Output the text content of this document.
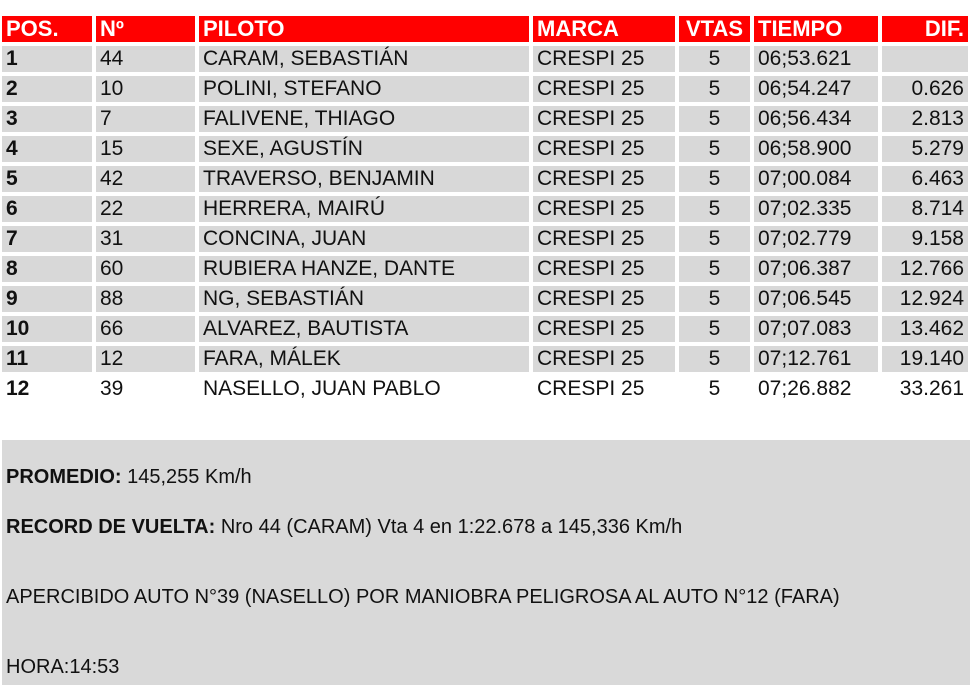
POS.	Nº	PILOTO	MARCA	VTAS	TIEMPO	DIF.
1	44	CARAM, SEBASTIÁN	CRESPI 25	5	06;53.621	
2	10	POLINI, STEFANO	CRESPI 25	5	06;54.247	0.626
3	7	FALIVENE, THIAGO	CRESPI 25	5	06;56.434	2.813
4	15	SEXE, AGUSTÍN	CRESPI 25	5	06;58.900	5.279
5	42	TRAVERSO, BENJAMIN	CRESPI 25	5	07;00.084	6.463
6	22	HERRERA, MAIRÚ	CRESPI 25	5	07;02.335	8.714
7	31	CONCINA, JUAN	CRESPI 25	5	07;02.779	9.158
8	60	RUBIERA HANZE, DANTE	CRESPI 25	5	07;06.387	12.766
9	88	NG, SEBASTIÁN	CRESPI 25	5	07;06.545	12.924
10	66	ALVAREZ, BAUTISTA	CRESPI 25	5	07;07.083	13.462
11	12	FARA, MÁLEK	CRESPI 25	5	07;12.761	19.140
12	39	NASELLO, JUAN PABLO	CRESPI 25	5	07;26.882	33.261
PROMEDIO: 145,255 Km/h
RECORD DE VUELTA: Nro 44 (CARAM) Vta 4 en 1:22.678 a 145,336 Km/h
APERCIBIDO AUTO N°39 (NASELLO) POR MANIOBRA PELIGROSA AL AUTO N°12 (FARA)
HORA:14:53
